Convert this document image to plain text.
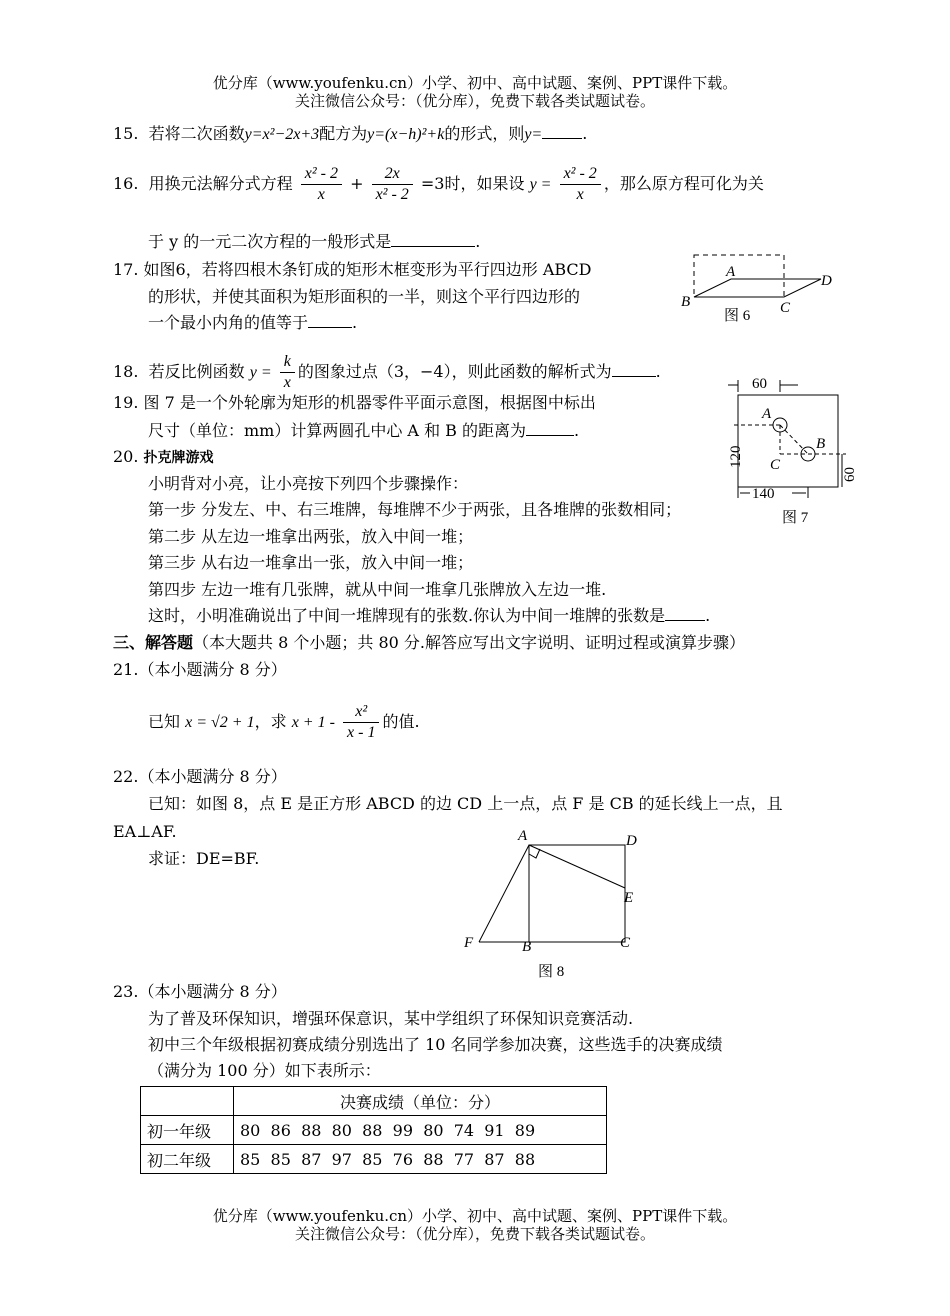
优分库（www.youfenku.cn）小学、初中、高中试题、案例、PPT课件下载。
关注微信公众号：（优分库），免费下载各类试题试卷。
15. 若将二次函数y=x²−2x+3配方为y=(x−h)²+k的形式，则y=	.
16. 用换元法解分式方程 $\frac{\text{x² - 2}}{x} + \frac{2x}{\text{x² - 2}} =3$时，如果设 $y = \frac{\text{x² - 2}}{x}$ ，那么原方程可化为关
于 y 的一元二次方程的一般形式是	.
17. 如图6，若将四根木条钉成的矩形木框变形为平行四边形 ABCD
的形状，并使其面积为矩形面积的一半，则这个平行四边形的
一个最小内角的值等于	.
A
B	C
D
图 6
18. 若反比例函数 $y = \frac{k}{x}$ 的图象过点（3，−4），则此函数的解析式为	.
19. 图 7 是一个外轮廓为矩形的机器零件平面示意图，根据图中标出
尺寸（单位：mm）计算两圆孔中心 A 和 B 的距离为	.
60
A
B
C
120
60
140
图 7
20. 扑克牌游戏
小明背对小亮，让小亮按下列四个步骤操作：
第一步 分发左、中、右三堆牌，每堆牌不少于两张，且各堆牌的张数相同；
第二步 从左边一堆拿出两张，放入中间一堆；
第三步 从右边一堆拿出一张，放入中间一堆；
第四步 左边一堆有几张牌，就从中间一堆拿几张牌放入左边一堆.
这时，小明准确说出了中间一堆牌现有的张数.你认为中间一堆牌的张数是	.
三、解答题（本大题共 8 个小题；共 80 分.解答应写出文字说明、证明过程或演算步骤）
21.（本小题满分 8 分）
已知 x = √2 + 1，求 $x + 1 - \frac{\text{x²}}{x - 1}$ 的值.
22.（本小题满分 8 分）
已知：如图 8，点 E 是正方形 ABCD 的边 CD 上一点，点 F 是 CB 的延长线上一点，且
EA⊥AF.
求证：DE=BF.
A	D
E
F	B	C
图 8
23.（本小题满分 8 分）
为了普及环保知识，增强环保意识，某中学组织了环保知识竞赛活动.
初中三个年级根据初赛成绩分别选出了 10 名同学参加决赛，这些选手的决赛成绩
（满分为 100 分）如下表所示：
	决赛成绩（单位：分）
初一年级	80  86  88  80  88  99  80  74  91  89
初二年级	85  85  87  97  85  76  88  77  87  88
优分库（www.youfenku.cn）小学、初中、高中试题、案例、PPT课件下载。
关注微信公众号：（优分库），免费下载各类试题试卷。
